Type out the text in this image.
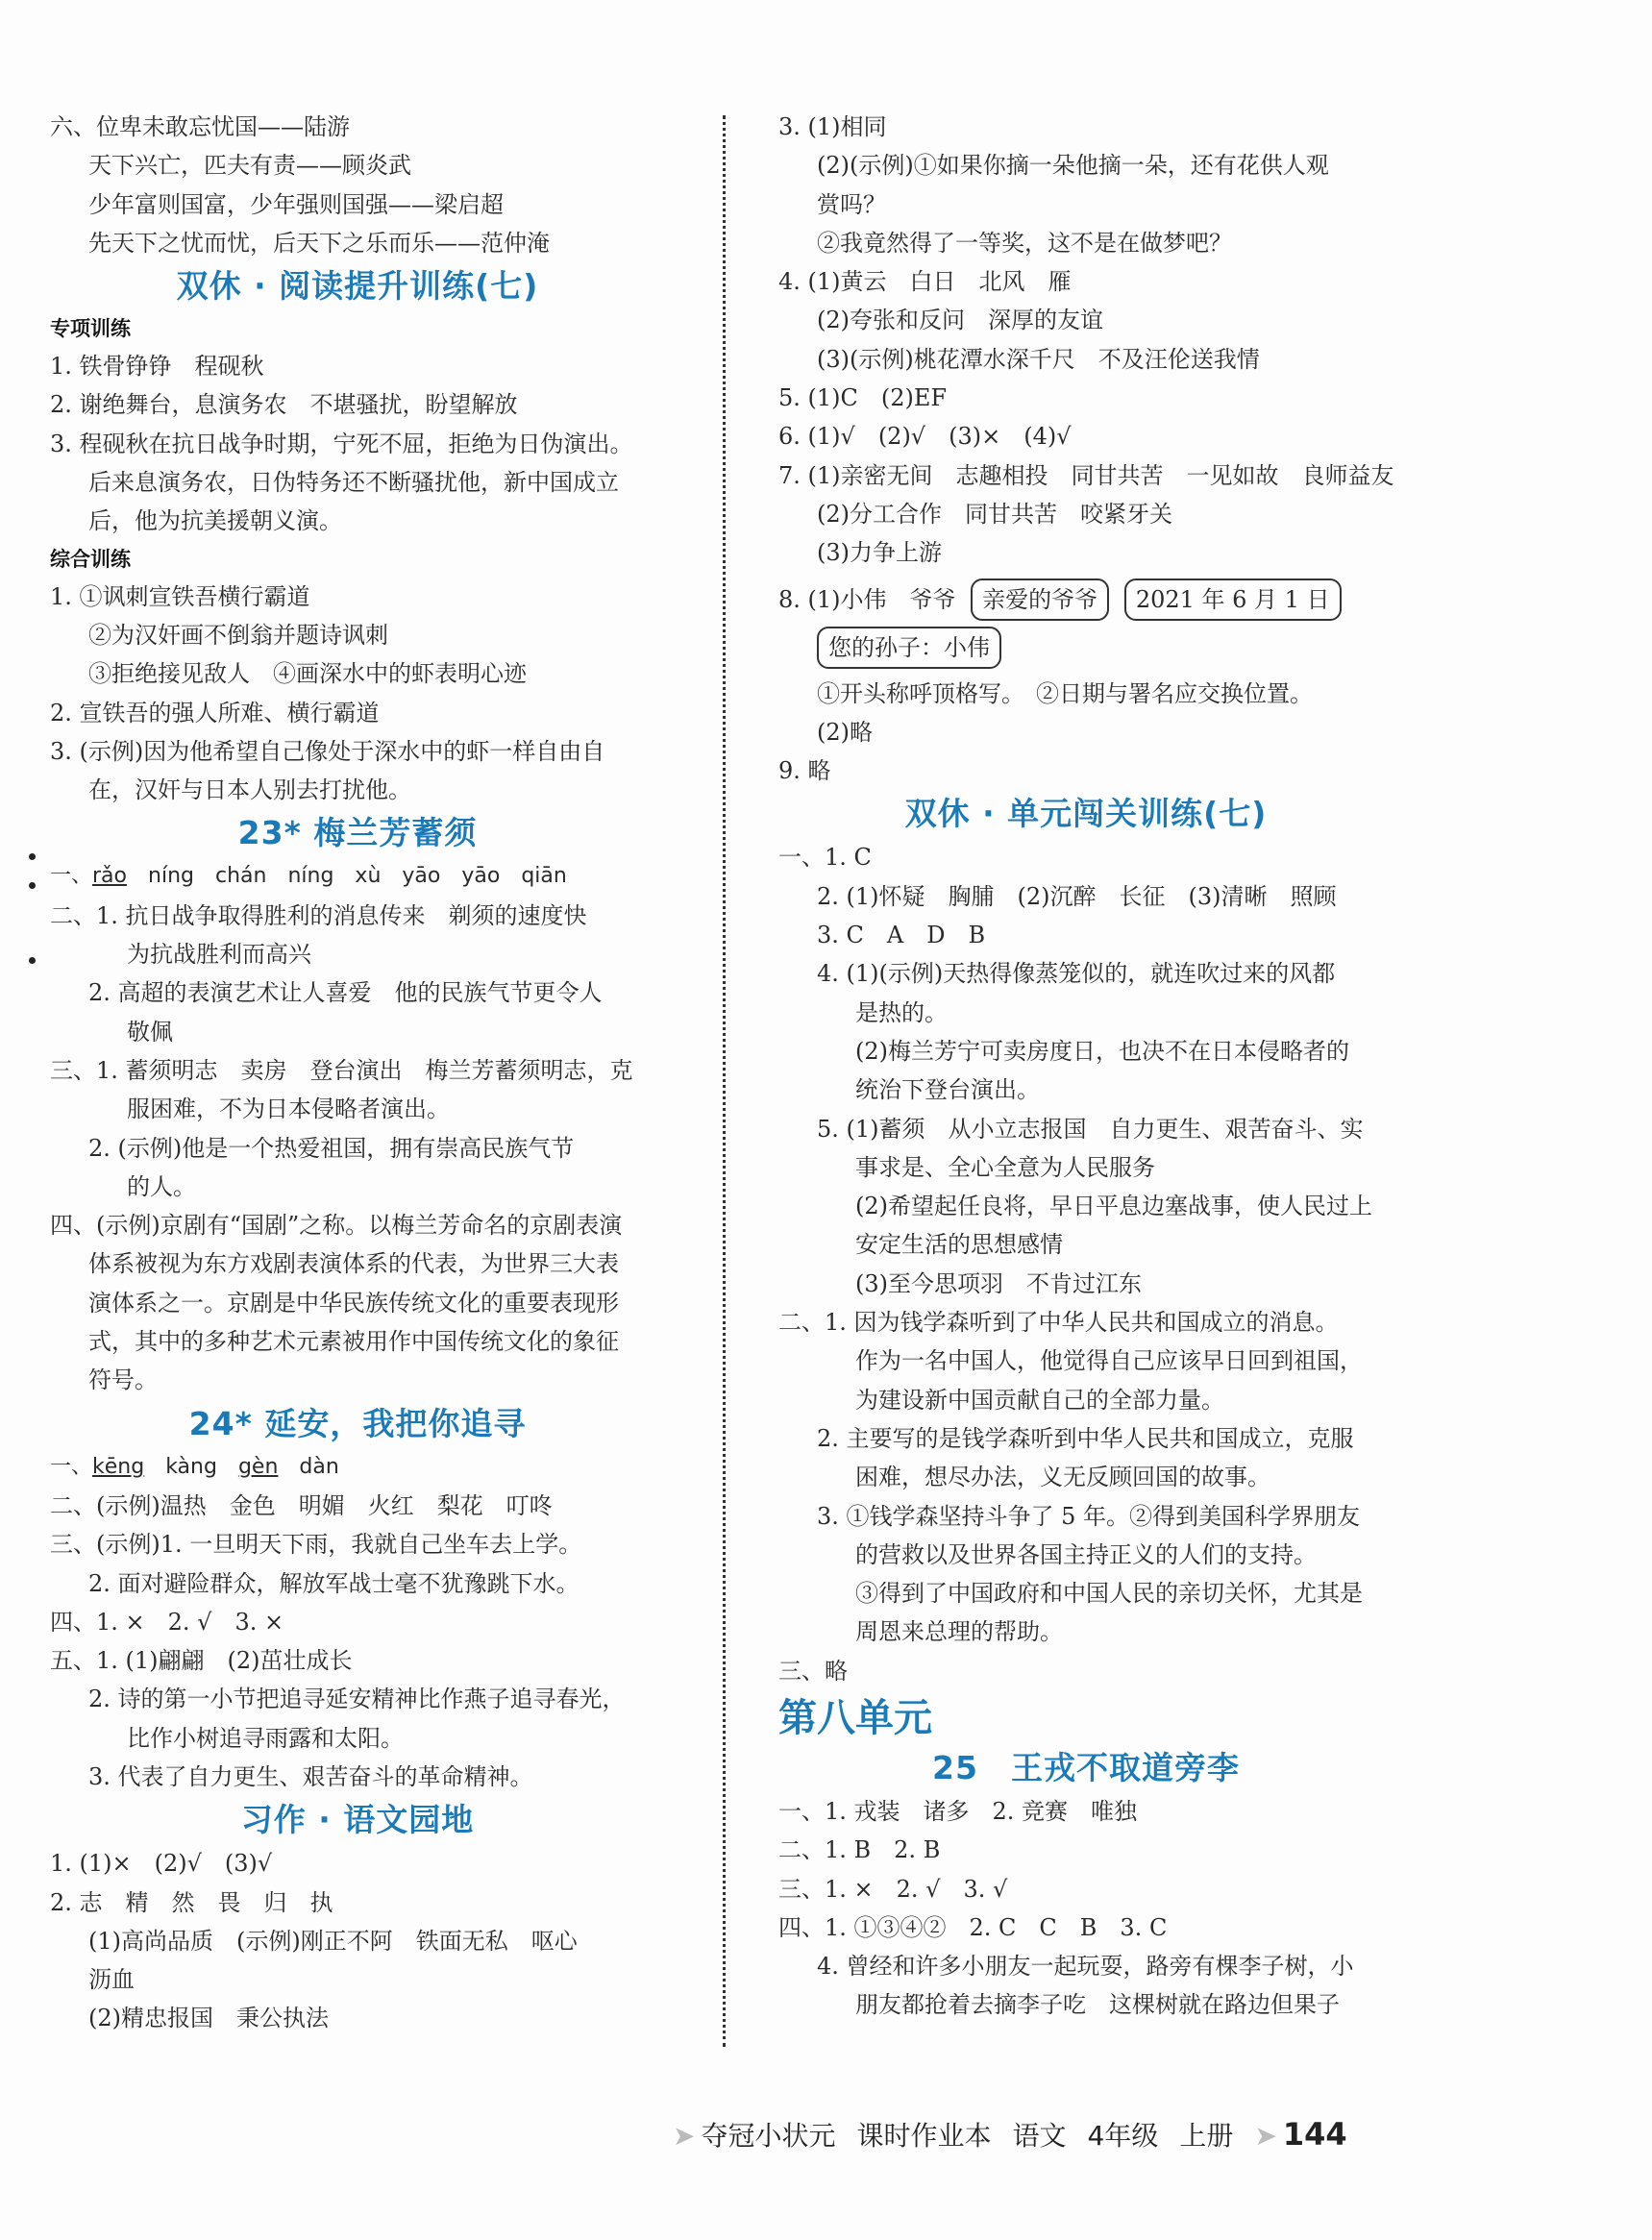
六、位卑未敢忘忧国——陆游
天下兴亡，匹夫有责——顾炎武
少年富则国富，少年强则国强——梁启超
先天下之忧而忧，后天下之乐而乐——范仲淹
双休 · 阅读提升训练(七)
专项训练
1. 铁骨铮铮　程砚秋
2. 谢绝舞台，息演务农　不堪骚扰，盼望解放
3. 程砚秋在抗日战争时期，宁死不屈，拒绝为日伪演出。
后来息演务农，日伪特务还不断骚扰他，新中国成立
后，他为抗美援朝义演。
综合训练
1. ①讽刺宣铁吾横行霸道
②为汉奸画不倒翁并题诗讽刺
③拒绝接见敌人　④画深水中的虾表明心迹
2. 宣铁吾的强人所难、横行霸道
3. (示例)因为他希望自己像处于深水中的虾一样自由自
在，汉奸与日本人别去打扰他。
23* 梅兰芳蓄须
一、rǎo níng chán níng xù yāo yāo qiān
二、1. 抗日战争取得胜利的消息传来　剃须的速度快
为抗战胜利而高兴
2. 高超的表演艺术让人喜爱　他的民族气节更令人
敬佩
三、1. 蓄须明志　卖房　登台演出　梅兰芳蓄须明志，克
服困难，不为日本侵略者演出。
2. (示例)他是一个热爱祖国，拥有崇高民族气节
的人。
四、(示例)京剧有“国剧”之称。以梅兰芳命名的京剧表演
体系被视为东方戏剧表演体系的代表，为世界三大表
演体系之一。京剧是中华民族传统文化的重要表现形
式，其中的多种艺术元素被用作中国传统文化的象征
符号。
24* 延安，我把你追寻
一、kēng kàng gèn dàn
二、(示例)温热　金色　明媚　火红　梨花　叮咚
三、(示例)1. 一旦明天下雨，我就自己坐车去上学。
2. 面对避险群众，解放军战士毫不犹豫跳下水。
四、1. ×　2. √　3. ×
五、1. (1)翩翩　(2)茁壮成长
2. 诗的第一小节把追寻延安精神比作燕子追寻春光，
比作小树追寻雨露和太阳。
3. 代表了自力更生、艰苦奋斗的革命精神。
习作 · 语文园地
1. (1)×　(2)√　(3)√
2. 志　精　然　畏　归　执
(1)高尚品质　(示例)刚正不阿　铁面无私　呕心
沥血
(2)精忠报国　秉公执法
3. (1)相同
(2)(示例)①如果你摘一朵他摘一朵，还有花供人观
赏吗？
②我竟然得了一等奖，这不是在做梦吧？
4. (1)黄云　白日　北风　雁
(2)夸张和反问　深厚的友谊
(3)(示例)桃花潭水深千尺　不及汪伦送我情
5. (1)C　(2)EF
6. (1)√　(2)√　(3)×　(4)√
7. (1)亲密无间　志趣相投　同甘共苦　一见如故　良师益友
(2)分工合作　同甘共苦　咬紧牙关
(3)力争上游
8. (1)小伟　爷爷 亲爱的爷爷 2021 年 6 月 1 日
您的孙子：小伟
①开头称呼顶格写。　②日期与署名应交换位置。
(2)略
9. 略
双休 · 单元闯关训练(七)
一、1. C
2. (1)怀疑　胸脯　(2)沉醉　长征　(3)清晰　照顾
3. C　A　D　B
4. (1)(示例)天热得像蒸笼似的，就连吹过来的风都
是热的。
(2)梅兰芳宁可卖房度日，也决不在日本侵略者的
统治下登台演出。
5. (1)蓄须　从小立志报国　自力更生、艰苦奋斗、实
事求是、全心全意为人民服务
(2)希望起任良将，早日平息边塞战事，使人民过上
安定生活的思想感情
(3)至今思项羽　不肯过江东
二、1. 因为钱学森听到了中华人民共和国成立的消息。
作为一名中国人，他觉得自己应该早日回到祖国，
为建设新中国贡献自己的全部力量。
2. 主要写的是钱学森听到中华人民共和国成立，克服
困难，想尽办法，义无反顾回国的故事。
3. ①钱学森坚持斗争了 5 年。②得到美国科学界朋友
的营救以及世界各国主持正义的人们的支持。
③得到了中国政府和中国人民的亲切关怀，尤其是
周恩来总理的帮助。
三、略
第八单元
25　王戎不取道旁李
一、1. 戎装　诸多　2. 竞赛　唯独
二、1. B　2. B
三、1. ×　2. √　3. √
四、1. ①③④②　2. C　C　B　3. C
4. 曾经和许多小朋友一起玩耍，路旁有棵李子树，小
朋友都抢着去摘李子吃　这棵树就在路边但果子
➤ 夺冠小状元 课时作业本 语文 4年级 上册 ➤ 144
